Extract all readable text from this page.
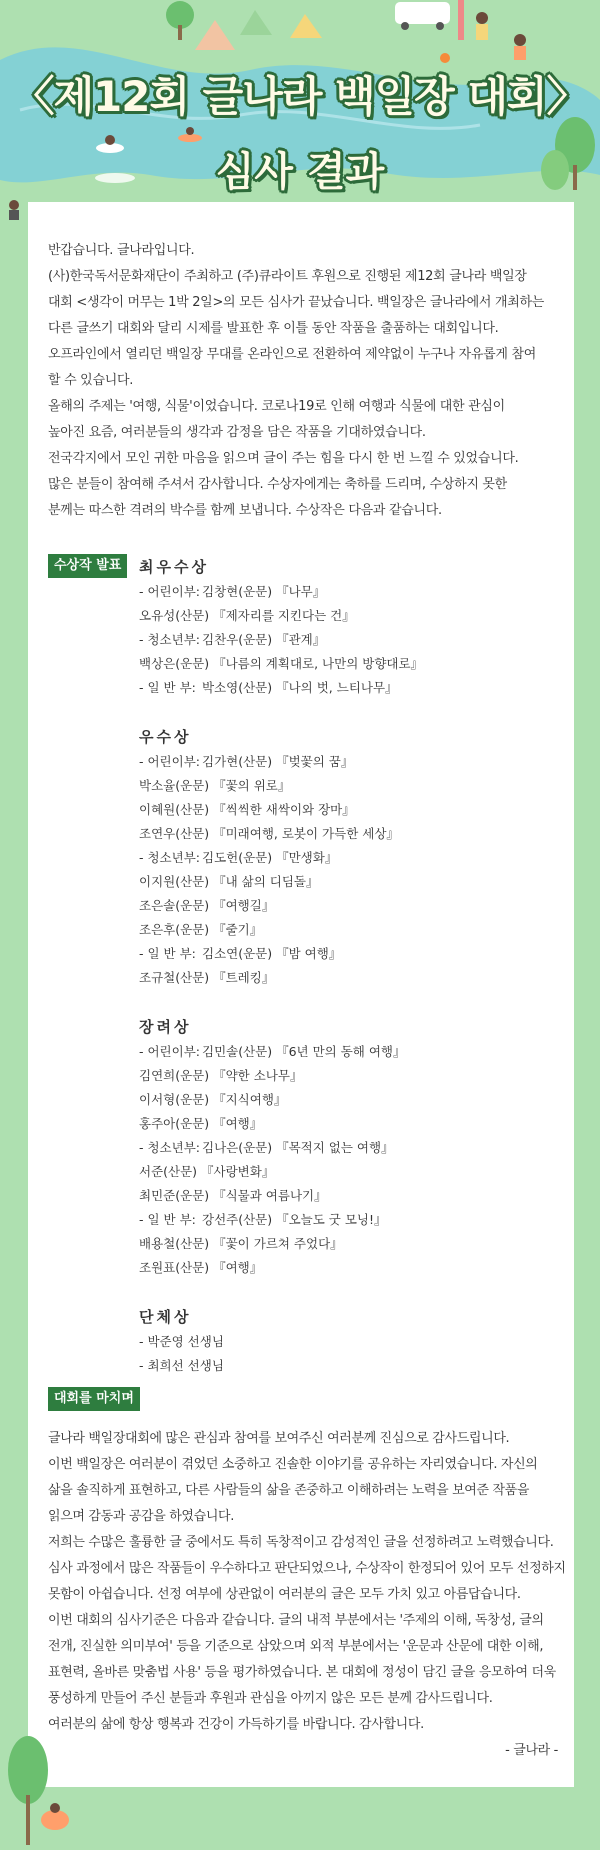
〈제12회 글나라 백일장 대회〉
심사 결과

반갑습니다. 글나라입니다.

(사)한국독서문화재단이 주최하고 (주)큐라이트 후원으로 진행된 제12회 글나라 백일장

대회 <생각이 머무는 1박 2일>의 모든 심사가 끝났습니다. 백일장은 글나라에서 개최하는

다른 글쓰기 대회와 달리 시제를 발표한 후 이틀 동안 작품을 출품하는 대회입니다.

오프라인에서 열리던 백일장 무대를 온라인으로 전환하여 제약없이 누구나 자유롭게 참여

할 수 있습니다.

올해의 주제는 '여행, 식물'이었습니다. 코로나19로 인해 여행과 식물에 대한 관심이

높아진 요즘, 여러분들의 생각과 감정을 담은 작품을 기대하였습니다.

전국각지에서 모인 귀한 마음을 읽으며 글이 주는 힘을 다시 한 번 느낄 수 있었습니다.

많은 분들이 참여해 주셔서 감사합니다. 수상자에게는 축하를 드리며, 수상하지 못한

분께는 따스한 격려의 박수를 함께 보냅니다. 수상작은 다음과 같습니다.

수상작 발표	최우수상
- 어린이부: 김창현(운문) 『나무』
오유성(산문) 『제자리를 지킨다는 건』
- 청소년부: 김찬우(운문) 『관계』
백상은(운문) 『나름의 계획대로, 나만의 방향대로』
- 일 반 부: 박소영(산문) 『나의 벗, 느티나무』
우수상
- 어린이부: 김가현(산문) 『벚꽃의 꿈』
박소율(운문) 『꽃의 위로』
이혜원(산문) 『씩씩한 새싹이와 장마』
조연우(산문) 『미래여행, 로봇이 가득한 세상』
- 청소년부: 김도헌(운문) 『만생화』
이지원(산문) 『내 삶의 디딤돌』
조은솔(운문) 『여행길』
조은후(운문) 『줄기』
- 일 반 부: 김소연(운문) 『밤 여행』
조규철(산문) 『트레킹』
장려상
- 어린이부: 김민솔(산문) 『6년 만의 동해 여행』
김연희(운문) 『약한 소나무』
이서형(운문) 『지식여행』
홍주아(운문) 『여행』
- 청소년부: 김나은(운문) 『목적지 없는 여행』
서준(산문) 『사랑변화』
최민준(운문) 『식물과 여름나기』
- 일 반 부: 강선주(산문) 『오늘도 굿 모닝!』
배용철(산문) 『꽃이 가르쳐 주었다』
조원표(산문) 『여행』
단체상
- 박준영 선생님
- 최희선 선생님
대회를 마치며

글나라 백일장대회에 많은 관심과 참여를 보여주신 여러분께 진심으로 감사드립니다.

이번 백일장은 여러분이 겪었던 소중하고 진솔한 이야기를 공유하는 자리였습니다. 자신의

삶을 솔직하게 표현하고, 다른 사람들의 삶을 존중하고 이해하려는 노력을 보여준 작품을

읽으며 감동과 공감을 하였습니다.

저희는 수많은 훌륭한 글 중에서도 특히 독창적이고 감성적인 글을 선정하려고 노력했습니다.

심사 과정에서 많은 작품들이 우수하다고 판단되었으나, 수상작이 한정되어 있어 모두 선정하지

못함이 아쉽습니다. 선정 여부에 상관없이 여러분의 글은 모두 가치 있고 아름답습니다.

이번 대회의 심사기준은 다음과 같습니다. 글의 내적 부분에서는 '주제의 이해, 독창성, 글의

전개, 진실한 의미부여' 등을 기준으로 삼았으며 외적 부분에서는 '운문과 산문에 대한 이해,

표현력, 올바른 맞춤법 사용' 등을 평가하였습니다. 본 대회에 정성이 담긴 글을 응모하여 더욱

풍성하게 만들어 주신 분들과 후원과 관심을 아끼지 않은 모든 분께 감사드립니다.

여러분의 삶에 항상 행복과 건강이 가득하기를 바랍니다. 감사합니다.

- 글나라 -
